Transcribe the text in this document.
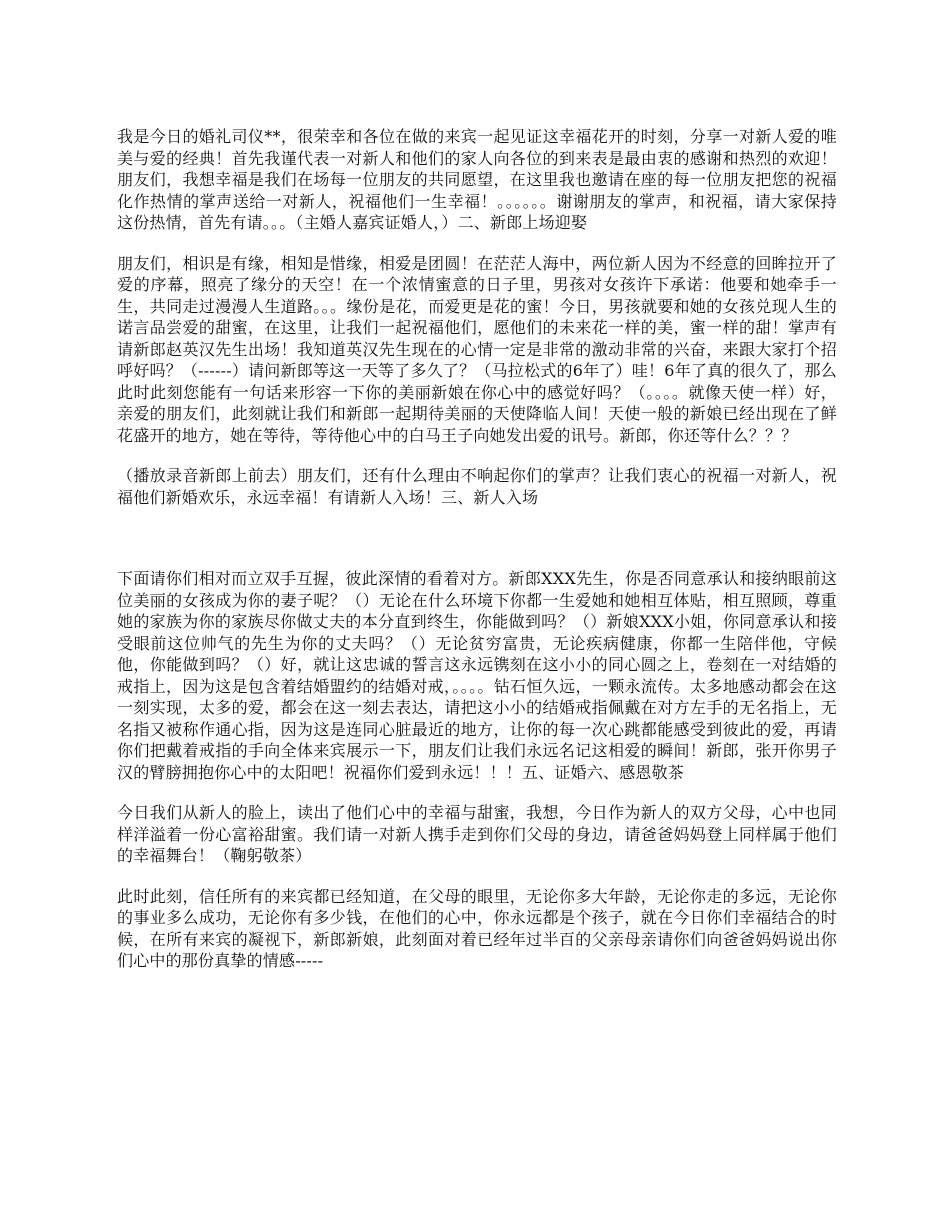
我是今日的婚礼司仪**，很荣幸和各位在做的来宾一起见证这幸福花开的时刻，分享一对新人爱的唯美与爱的经典！首先我谨代表一对新人和他们的家人向各位的到来表是最由衷的感谢和热烈的欢迎！朋友们，我想幸福是我们在场每一位朋友的共同愿望，在这里我也邀请在座的每一位朋友把您的祝福化作热情的掌声送给一对新人，祝福他们一生幸福！。。。。。。谢谢朋友的掌声，和祝福，请大家保持这份热情，首先有请。。。（主婚人嘉宾证婚人，）二、新郎上场迎娶

朋友们，相识是有缘，相知是惜缘，相爱是团圆！在茫茫人海中，两位新人因为不经意的回眸拉开了爱的序幕，照亮了缘分的天空！在一个浓情蜜意的日子里，男孩对女孩许下承诺：他要和她牵手一生，共同走过漫漫人生道路。。。缘份是花，而爱更是花的蜜！今日，男孩就要和她的女孩兑现人生的诺言品尝爱的甜蜜，在这里，让我们一起祝福他们，愿他们的未来花一样的美，蜜一样的甜！掌声有请新郎赵英汉先生出场！我知道英汉先生现在的心情一定是非常的激动非常的兴奋，来跟大家打个招呼好吗？（------）请问新郎等这一天等了多久了？（马拉松式的6年了）哇！6年了真的很久了，那么此时此刻您能有一句话来形容一下你的美丽新娘在你心中的感觉好吗？（。。。。就像天使一样）好，亲爱的朋友们，此刻就让我们和新郎一起期待美丽的天使降临人间！天使一般的新娘已经出现在了鲜花盛开的地方，她在等待，等待他心中的白马王子向她发出爱的讯号。新郎，你还等什么？？？

（播放录音新郎上前去）朋友们，还有什么理由不响起你们的掌声？让我们衷心的祝福一对新人，祝福他们新婚欢乐，永远幸福！有请新人入场！三、新人入场

下面请你们相对而立双手互握，彼此深情的看着对方。新郎XXX先生，你是否同意承认和接纳眼前这位美丽的女孩成为你的妻子呢？（）无论在什么环境下你都一生爱她和她相互体贴，相互照顾，尊重她的家族为你的家族尽你做丈夫的本分直到终生，你能做到吗？（）新娘XXX小姐，你同意承认和接受眼前这位帅气的先生为你的丈夫吗？（）无论贫穷富贵，无论疾病健康，你都一生陪伴他，守候他，你能做到吗？（）好，就让这忠诚的誓言这永远镌刻在这小小的同心圆之上，卷刻在一对结婚的戒指上，因为这是包含着结婚盟约的结婚对戒，。。。。钻石恒久远，一颗永流传。太多地感动都会在这一刻实现，太多的爱，都会在这一刻去表达，请把这小小的结婚戒指佩戴在对方左手的无名指上，无名指又被称作通心指，因为这是连同心脏最近的地方，让你的每一次心跳都能感受到彼此的爱，再请你们把戴着戒指的手向全体来宾展示一下，朋友们让我们永远名记这相爱的瞬间！新郎，张开你男子汉的臂膀拥抱你心中的太阳吧！祝福你们爱到永远！！！五、证婚六、感恩敬茶

今日我们从新人的脸上，读出了他们心中的幸福与甜蜜，我想，今日作为新人的双方父母，心中也同样洋溢着一份心富裕甜蜜。我们请一对新人携手走到你们父母的身边，请爸爸妈妈登上同样属于他们的幸福舞台！（鞠躬敬茶）

此时此刻，信任所有的来宾都已经知道，在父母的眼里，无论你多大年龄，无论你走的多远，无论你的事业多么成功，无论你有多少钱，在他们的心中，你永远都是个孩子，就在今日你们幸福结合的时候，在所有来宾的凝视下，新郎新娘，此刻面对着已经年过半百的父亲母亲请你们向爸爸妈妈说出你们心中的那份真挚的情感-----
